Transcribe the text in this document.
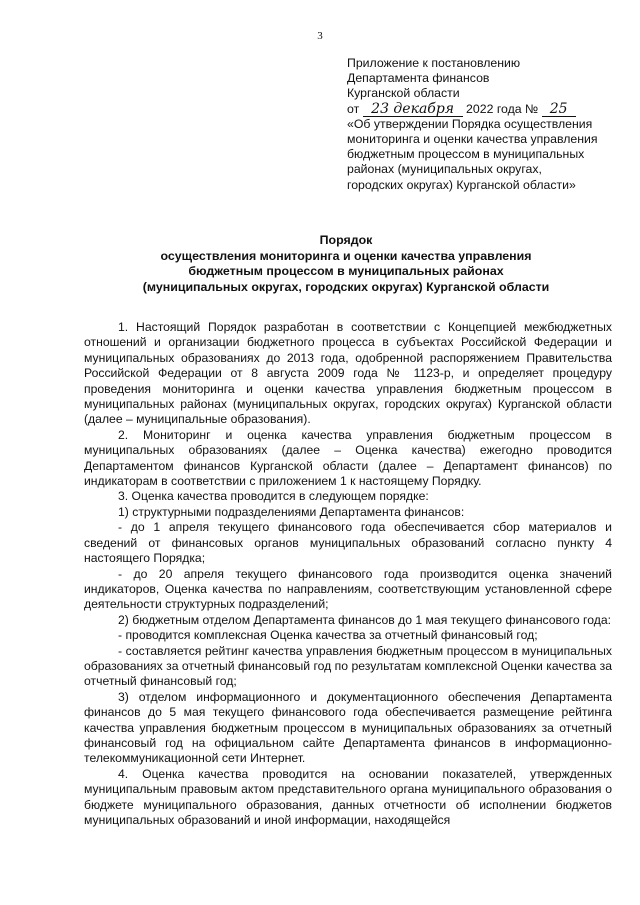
3
Приложение к постановлению
Департамента финансов
Курганской области
от 23 декабря 2022 года № 25
«Об утверждении Порядка осуществления
мониторинга и оценки качества управления
бюджетным процессом в муниципальных
районах (муниципальных округах,
городских округах) Курганской области»
Порядок
осуществления мониторинга и оценки качества управления
бюджетным процессом в муниципальных районах
(муниципальных округах, городских округах) Курганской области

1. Настоящий Порядок разработан в соответствии с Концепцией межбюджетных отношений и организации бюджетного процесса в субъектах Российской Федерации и муниципальных образованиях до 2013 года, одобренной распоряжением Правительства Российской Федерации от 8 августа 2009 года № 1123-р, и определяет процедуру проведения мониторинга и оценки качества управления бюджетным процессом в муниципальных районах (муниципальных округах, городских округах) Курганской области (далее – муниципальные образования).

2. Мониторинг и оценка качества управления бюджетным процессом в муниципальных образованиях (далее – Оценка качества) ежегодно проводится Департаментом финансов Курганской области (далее – Департамент финансов) по индикаторам в соответствии с приложением 1 к настоящему Порядку.

3. Оценка качества проводится в следующем порядке:

1) структурными подразделениями Департамента финансов:

- до 1 апреля текущего финансового года обеспечивается сбор материалов и сведений от финансовых органов муниципальных образований согласно пункту 4 настоящего Порядка;

- до 20 апреля текущего финансового года производится оценка значений индикаторов, Оценка качества по направлениям, соответствующим установленной сфере деятельности структурных подразделений;

2) бюджетным отделом Департамента финансов до 1 мая текущего финансового года:

- проводится комплексная Оценка качества за отчетный финансовый год;

- составляется рейтинг качества управления бюджетным процессом в муниципальных образованиях за отчетный финансовый год по результатам комплексной Оценки качества за отчетный финансовый год;

3) отделом информационного и документационного обеспечения Департамента финансов до 5 мая текущего финансового года обеспечивается размещение рейтинга качества управления бюджетным процессом в муниципальных образованиях за отчетный финансовый год на официальном сайте Департамента финансов в информационно-телекоммуникационной сети Интернет.

4. Оценка качества проводится на основании показателей, утвержденных муниципальным правовым актом представительного органа муниципального образования о бюджете муниципального образования, данных отчетности об исполнении бюджетов муниципальных образований и иной информации, находящейся
